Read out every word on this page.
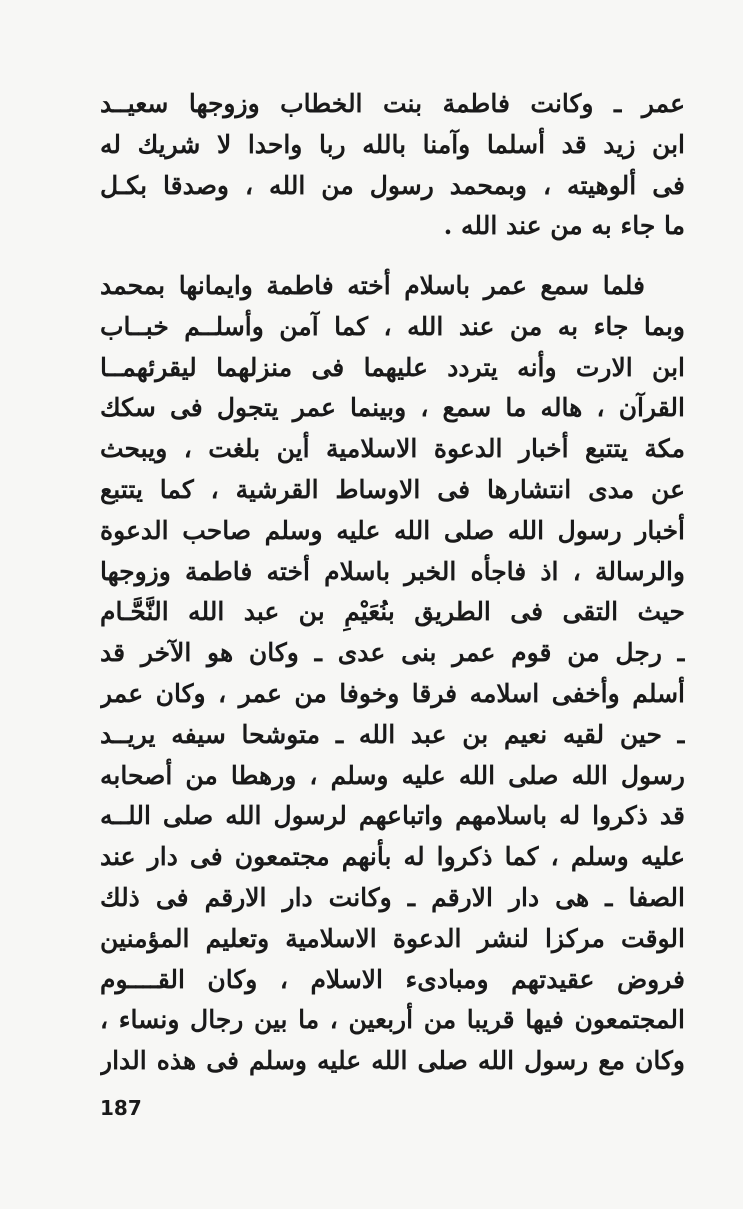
عمر ـ وكانت فاطمة بنت الخطاب وزوجها سعيــد
ابن زيد قد أسلما وآمنا بالله ربا واحدا لا شريك له
فى ألوهيته ، وبمحمد رسول من الله ، وصدقا بكـل
ما جاء به من عند الله .
فلما سمع عمر باسلام أخته فاطمة وايمانها بمحمد
وبما جاء به من عند الله ، كما آمن وأسلــم خبــاب
ابن الارت وأنه يتردد عليهما فى منزلهما ليقرئهمــا
القرآن ، هاله ما سمع ، وبينما عمر يتجول فى سكك
مكة يتتبع أخبار الدعوة الاسلامية أين بلغت ، ويبحث
عن مدى انتشارها فى الاوساط القرشية ، كما يتتبع
أخبار رسول الله صلى الله عليه وسلم صاحب الدعوة
والرسالة ، اذ فاجأه الخبر باسلام أخته فاطمة وزوجها
حيث التقى فى الطريق بنُعَيْمِ بن عبد الله النَّحَّـام
ـ رجل من قوم عمر بنى عدى ـ وكان هو الآخر قد
أسلم وأخفى اسلامه فرقا وخوفا من عمر ، وكان عمر
ـ حين لقيه نعيم بن عبد الله ـ متوشحا سيفه يريــد
رسول الله صلى الله عليه وسلم ، ورهطا من أصحابه
قد ذكروا له باسلامهم واتباعهم لرسول الله صلى اللــه
عليه وسلم ، كما ذكروا له بأنهم مجتمعون فى دار عند
الصفا ـ هى دار الارقم ـ وكانت دار الارقم فى ذلك
الوقت مركزا لنشر الدعوة الاسلامية وتعليم المؤمنين
فروض عقيدتهم ومبادىء الاسلام ، وكان القــــوم
المجتمعون فيها قريبا من أربعين ، ما بين رجال ونساء ،
وكان مع رسول الله صلى الله عليه وسلم فى هذه الدار
187
